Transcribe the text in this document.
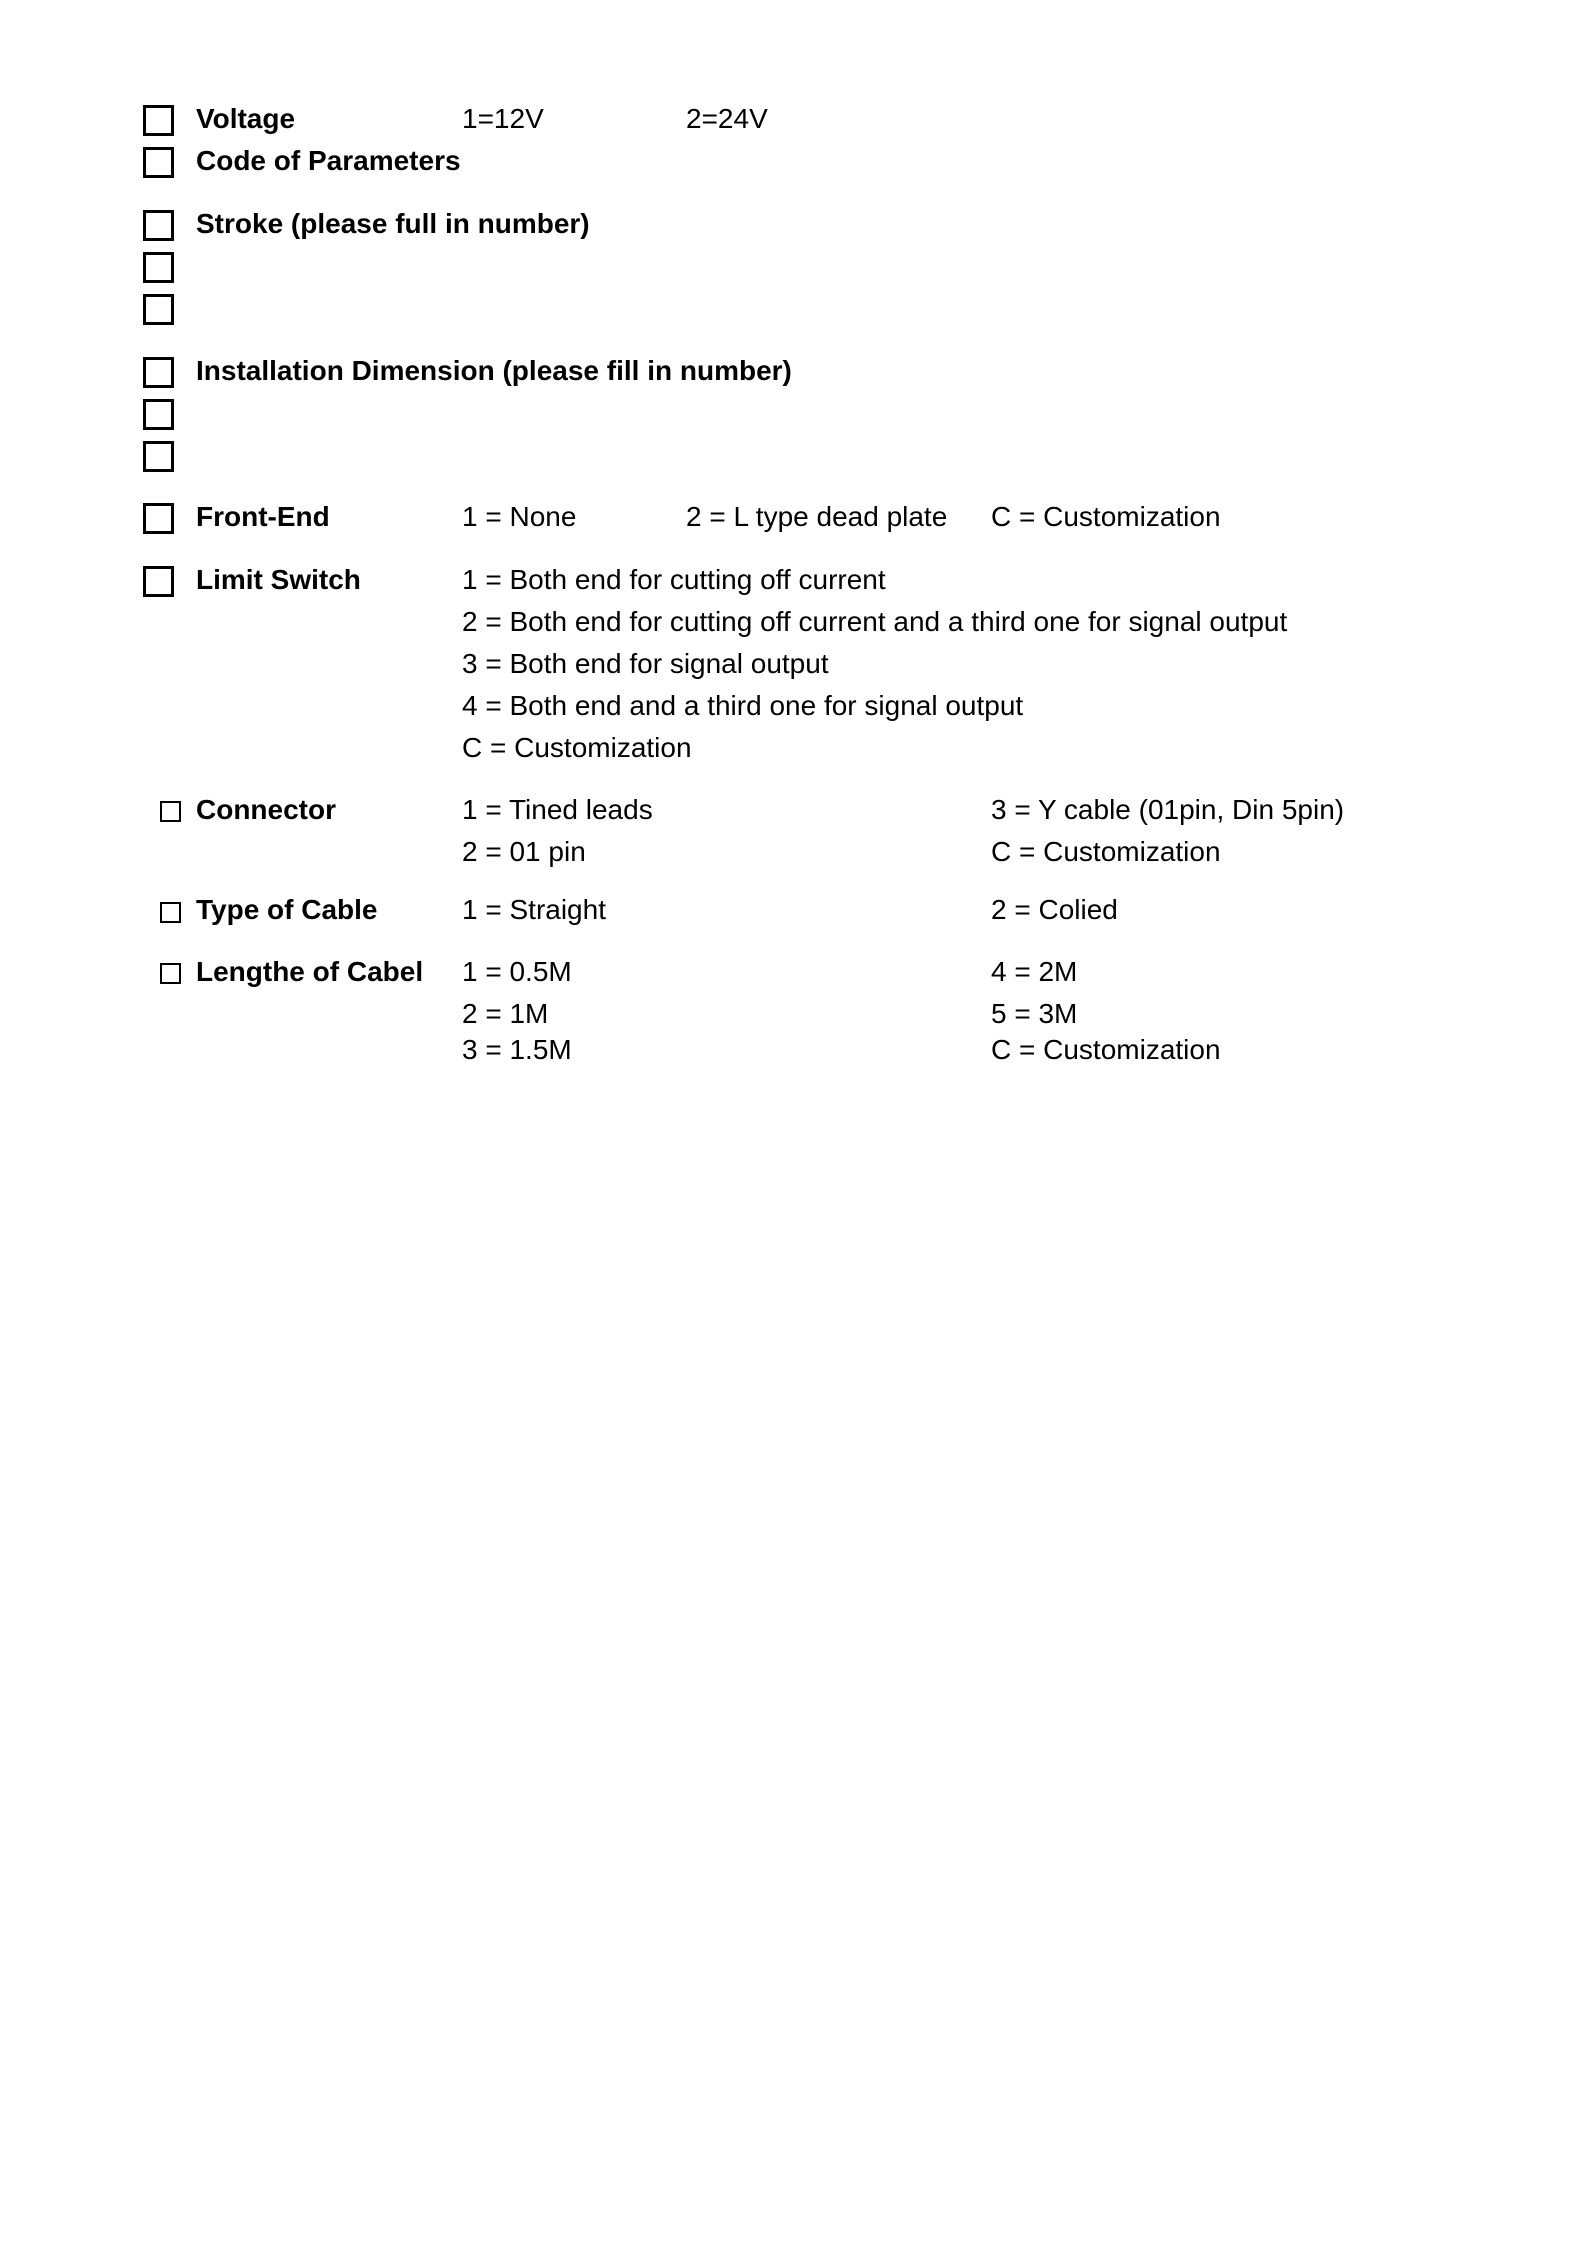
Voltage	1=12V	2=24V
Code of Parameters
Stroke (please full in number)
Installation Dimension (please fill in number)
Front-End	1 = None	2 = L type dead plate C = Customization
Limit Switch	1 = Both end for cutting off current
2 = Both end for cutting off current and a third one for signal output
3 = Both end for signal output
4 = Both end and a third one for signal output
C = Customization
Connector	1 = Tined leads
2 = 01 pin
3 = Y cable (01pin, Din 5pin)
C = Customization
Type of Cable	1 = Straight	2 = Colied
Lengthe of Cabel 1 = 0.5M
2 = 1M
3 = 1.5M
4 = 2M
5 = 3M
C = Customization
